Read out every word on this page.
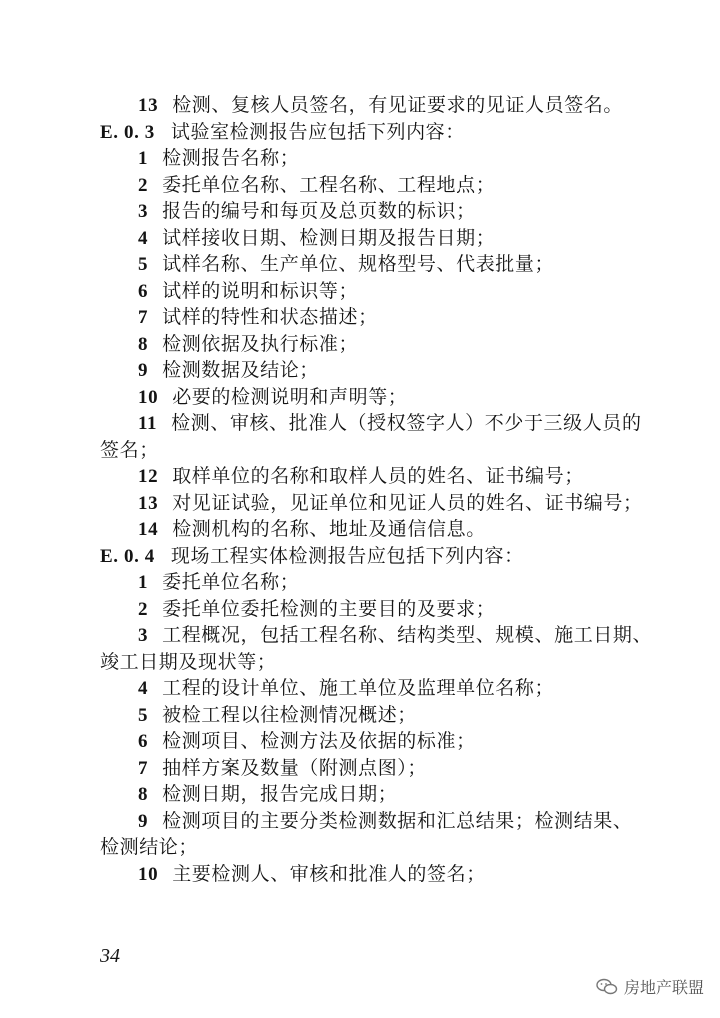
13 检测、复核人员签名，有见证要求的见证人员签名。
E. 0. 3 试验室检测报告应包括下列内容：
1 检测报告名称；
2 委托单位名称、工程名称、工程地点；
3 报告的编号和每页及总页数的标识；
4 试样接收日期、检测日期及报告日期；
5 试样名称、生产单位、规格型号、代表批量；
6 试样的说明和标识等；
7 试样的特性和状态描述；
8 检测依据及执行标准；
9 检测数据及结论；
10 必要的检测说明和声明等；
11 检测、审核、批准人（授权签字人）不少于三级人员的
签名；
12 取样单位的名称和取样人员的姓名、证书编号；
13 对见证试验，见证单位和见证人员的姓名、证书编号；
14 检测机构的名称、地址及通信信息。
E. 0. 4 现场工程实体检测报告应包括下列内容：
1 委托单位名称；
2 委托单位委托检测的主要目的及要求；
3 工程概况，包括工程名称、结构类型、规模、施工日期、
竣工日期及现状等；
4 工程的设计单位、施工单位及监理单位名称；
5 被检工程以往检测情况概述；
6 检测项目、检测方法及依据的标准；
7 抽样方案及数量（附测点图）；
8 检测日期，报告完成日期；
9 检测项目的主要分类检测数据和汇总结果；检测结果、
检测结论；
10 主要检测人、审核和批准人的签名；
34
房地产联盟
